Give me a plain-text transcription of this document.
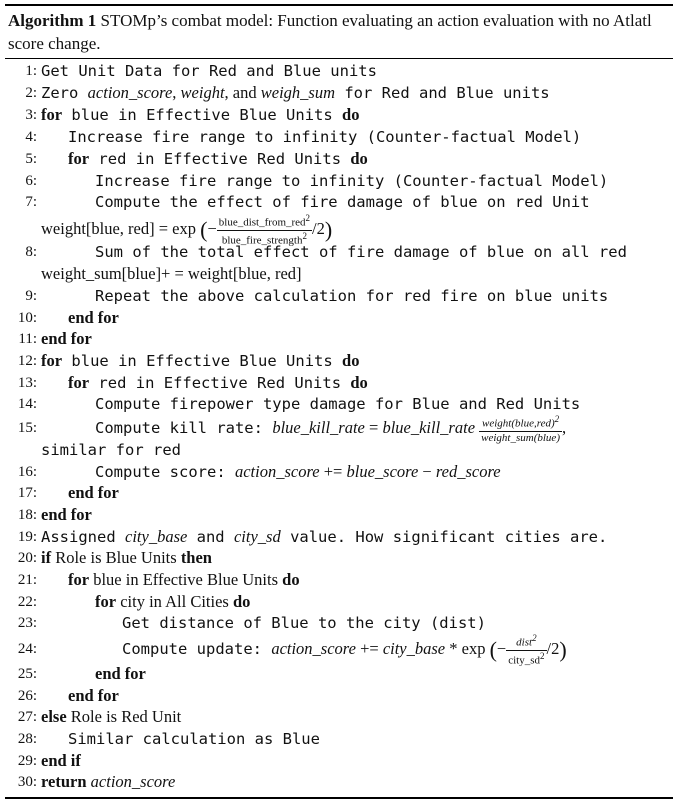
Algorithm 1 STOMp’s combat model: Function evaluating an action evaluation with no Atlatl score change.
1: Get Unit Data for Red and Blue units
2: Zero action_score, weight, and weigh_sum for Red and Blue units
3: for blue in Effective Blue Units do
4: Increase fire range to infinity (Counter-factual Model)
5: for red in Effective Red Units do
6:	Increase fire range to infinity (Counter-factual Model)
7:	Compute the effect of fire damage of blue on red Unit
weight[blue, red] = exp (− $\frac{blue\_dist\_from\_red^2}{blue\_fire\_strength^2} /2$)
8:	Sum of the total effect of fire damage of blue on all red
weight_sum[blue]+ = weight[blue, red]
9:	Repeat the above calculation for red fire on blue units
10: end for
11: end for
12: for blue in Effective Blue Units do
13: for red in Effective Red Units do
14:	Compute firepower type damage for Blue and Red Units
15:	Compute kill rate: blue_kill_rate = blue_kill_rate $\frac{weight(blue,red)^2}{\text{weight\_sum(blue)}}$ ,
similar for red
16:	Compute score: action_score += blue_score − red_score
17: end for
18: end for
19: Assigned city_base and city_sd value. How significant cities are.
20: if Role is Blue Units then
21: for blue in Effective Blue Units do
22:	for city in All Cities do
23:	Get distance of Blue to the city (dist)
24:	Compute update: action_score += city_base * exp (− $\frac{dist^2}{city\_sd^2} /2$)
25:	end for
26: end for
27: else Role is Red Unit
28: Similar calculation as Blue
29: end if
30: return action_score
